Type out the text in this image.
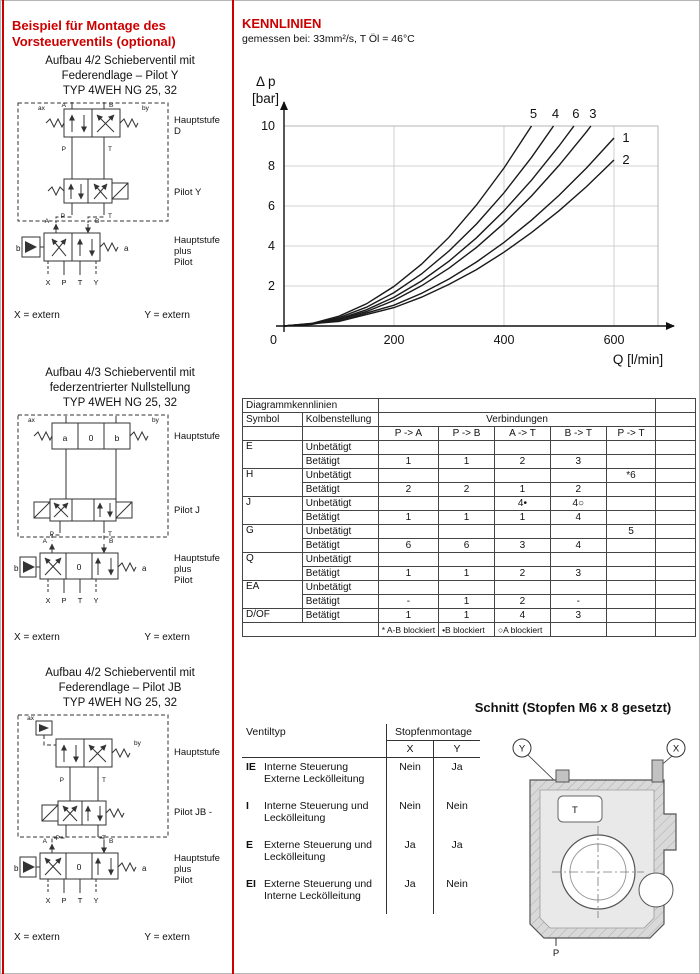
Beispiel für Montage des
Vorsteuerventils (optional)
Aufbau 4/2 Schieberventil mit
Federendlage – Pilot Y
TYP 4WEH NG 25, 32
ax	by
A	B
P	T
P	T
b	a
A	B
X P T Y
Hauptstufe
D
Pilot Y
Hauptstufe
plus
Pilot
X = extern	Y = extern
Aufbau 4/3 Schieberventil mit
federzentrierter Nullstellung
TYP 4WEH NG 25, 32
a	0	b
ax	by
P	T
0
b	a
A	B
X P T Y
Hauptstufe
Pilot J
Hauptstufe
plus
Pilot
X = extern	Y = extern
Aufbau 4/2 Schieberventil mit
Federendlage – Pilot JB
TYP 4WEH NG 25, 32
ax
by
P	T
P	T
0
b	a
A	B
X P T Y
Hauptstufe
Pilot JB -
Hauptstufe
plus
Pilot
X = extern	Y = extern
KENNLINIEN
gemessen bei: 33mm²/s, T Öl = 46°C
200	400	600
2
4
6
8
10
0
Δ p
[bar]
Q [l/min]
5 4 6 3
1
2
Diagrammkennlinien							
Symbol	Kolbenstellung	Verbindungen					
		P -> A	P -> B	A -> T	B -> T	P -> T	
E	Unbetätigt						
	Betätigt	1	1	2	3		
H	Unbetätigt					*6	
	Betätigt	2	2	1	2		
J	Unbetätigt			4•	4○		
	Betätigt	1	1	1	4		
G	Unbetätigt					5	
	Betätigt	6	6	3	4		
Q	Unbetätigt						
	Betätigt	1	1	2	3		
EA	Unbetätigt						
	Betätigt	-	1	2	-		
D/OF	Betätigt	1	1	4	3		
		* A-B blockiert	•B blockiert	○A blockiert			
Schnitt (Stopfen M6 x 8 gesetzt)
Ventiltyp	Stopfenmontage	
	X	Y

IE Interne Steuerung
Externe Leckölleitung	Nein	Ja

I Interne Steuerung und
Leckölleitung	Nein	Nein

E Externe Steuerung und
Leckölleitung	Ja	Ja

EI Externe Steuerung und
Interne Leckölleitung	Ja	Nein
Y	X
T
P
